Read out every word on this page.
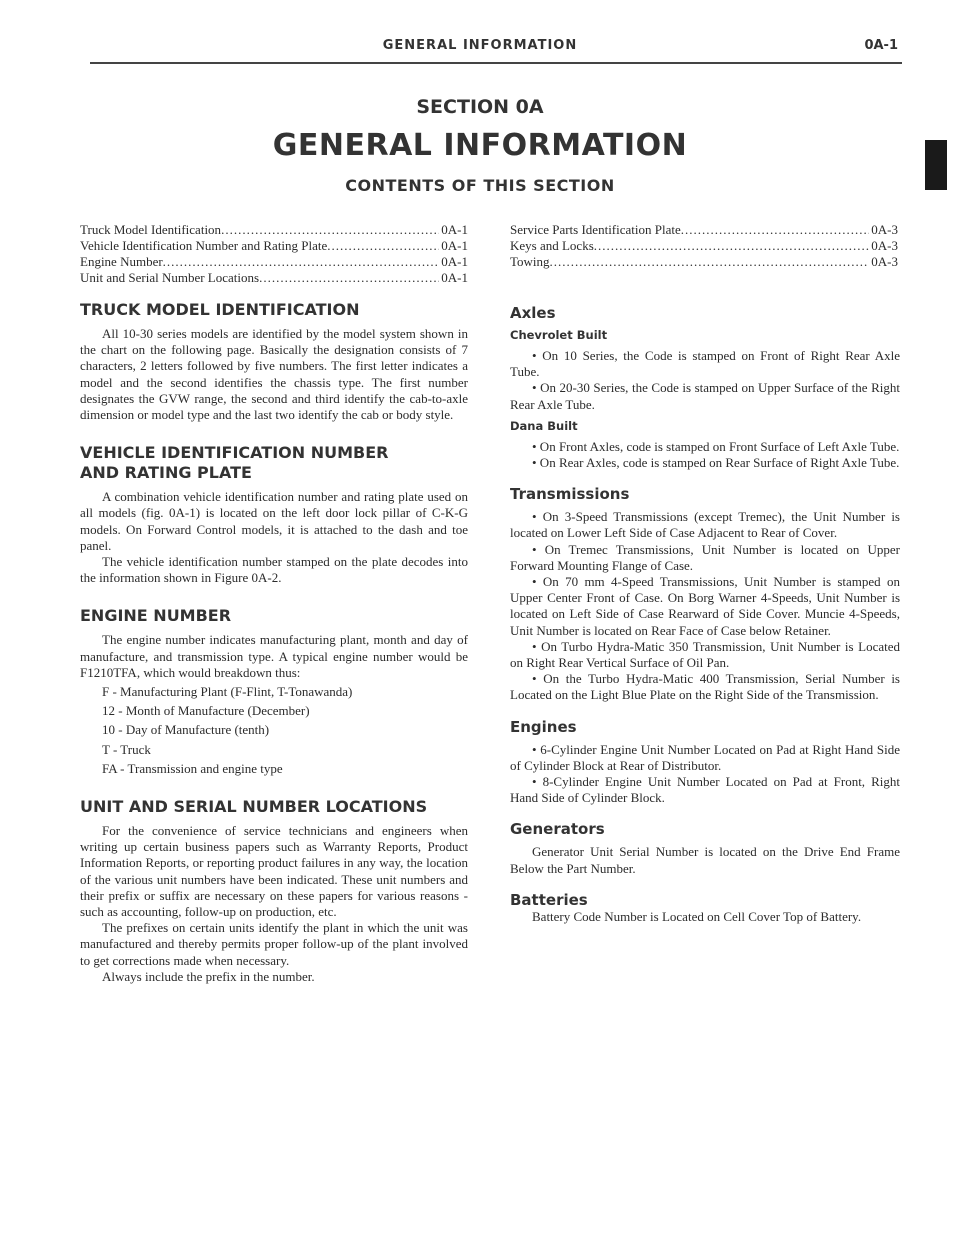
GENERAL INFORMATION	0A-1
SECTION 0A
GENERAL INFORMATION
CONTENTS OF THIS SECTION
Truck Model Identification .....	0A-1
Vehicle Identification Number and Rating Plate .....	0A-1
Engine Number .....	0A-1
Unit and Serial Number Locations .....	0A-1
Service Parts Identification Plate .....	0A-3
Keys and Locks .....	0A-3
Towing .....	0A-3
TRUCK MODEL IDENTIFICATION

All 10-30 series models are identified by the model system shown in the chart on the following page. Basically the designation consists of 7 characters, 2 letters followed by five numbers. The first letter indicates a model and the second identifies the chassis type. The first number designates the GVW range, the second and third identify the cab-to-axle dimension or model type and the last two identify the cab or body style.

VEHICLE IDENTIFICATION NUMBER
AND RATING PLATE

A combination vehicle identification number and rating plate used on all models (fig. 0A-1) is located on the left door lock pillar of C-K-G models. On Forward Control models, it is attached to the dash and toe panel.

The vehicle identification number stamped on the plate decodes into the information shown in Figure 0A-2.

ENGINE NUMBER

The engine number indicates manufacturing plant, month and day of manufacture, and transmission type. A typical engine number would be F1210TFA, which would breakdown thus:

F - Manufacturing Plant (F-Flint, T-Tonawanda)

12 - Month of Manufacture (December)

10 - Day of Manufacture (tenth)

T - Truck

FA - Transmission and engine type

UNIT AND SERIAL NUMBER LOCATIONS

For the convenience of service technicians and engineers when writing up certain business papers such as Warranty Reports, Product Information Reports, or reporting product failures in any way, the location of the various unit numbers have been indicated. These unit numbers and their prefix or suffix are necessary on these papers for various reasons - such as accounting, follow-up on production, etc.

The prefixes on certain units identify the plant in which the unit was manufactured and thereby permits proper follow-up of the plant involved to get corrections made when necessary.

Always include the prefix in the number.

Axles
Chevrolet Built

• On 10 Series, the Code is stamped on Front of Right Rear Axle Tube.

• On 20-30 Series, the Code is stamped on Upper Surface of the Right Rear Axle Tube.

Dana Built

• On Front Axles, code is stamped on Front Surface of Left Axle Tube.

• On Rear Axles, code is stamped on Rear Surface of Right Axle Tube.

Transmissions

• On 3-Speed Transmissions (except Tremec), the Unit Number is located on Lower Left Side of Case Adjacent to Rear of Cover.

• On Tremec Transmissions, Unit Number is located on Upper Forward Mounting Flange of Case.

• On 70 mm 4-Speed Transmissions, Unit Number is stamped on Upper Center Front of Case. On Borg Warner 4-Speeds, Unit Number is located on Left Side of Case Rearward of Side Cover. Muncie 4-Speeds, Unit Number is located on Rear Face of Case below Retainer.

• On Turbo Hydra-Matic 350 Transmission, Unit Number is Located on Right Rear Vertical Surface of Oil Pan.

• On the Turbo Hydra-Matic 400 Transmission, Serial Number is Located on the Light Blue Plate on the Right Side of the Transmission.

Engines

• 6-Cylinder Engine Unit Number Located on Pad at Right Hand Side of Cylinder Block at Rear of Distributor.

• 8-Cylinder Engine Unit Number Located on Pad at Front, Right Hand Side of Cylinder Block.

Generators

Generator Unit Serial Number is located on the Drive End Frame Below the Part Number.

Batteries

Battery Code Number is Located on Cell Cover Top of Battery.
